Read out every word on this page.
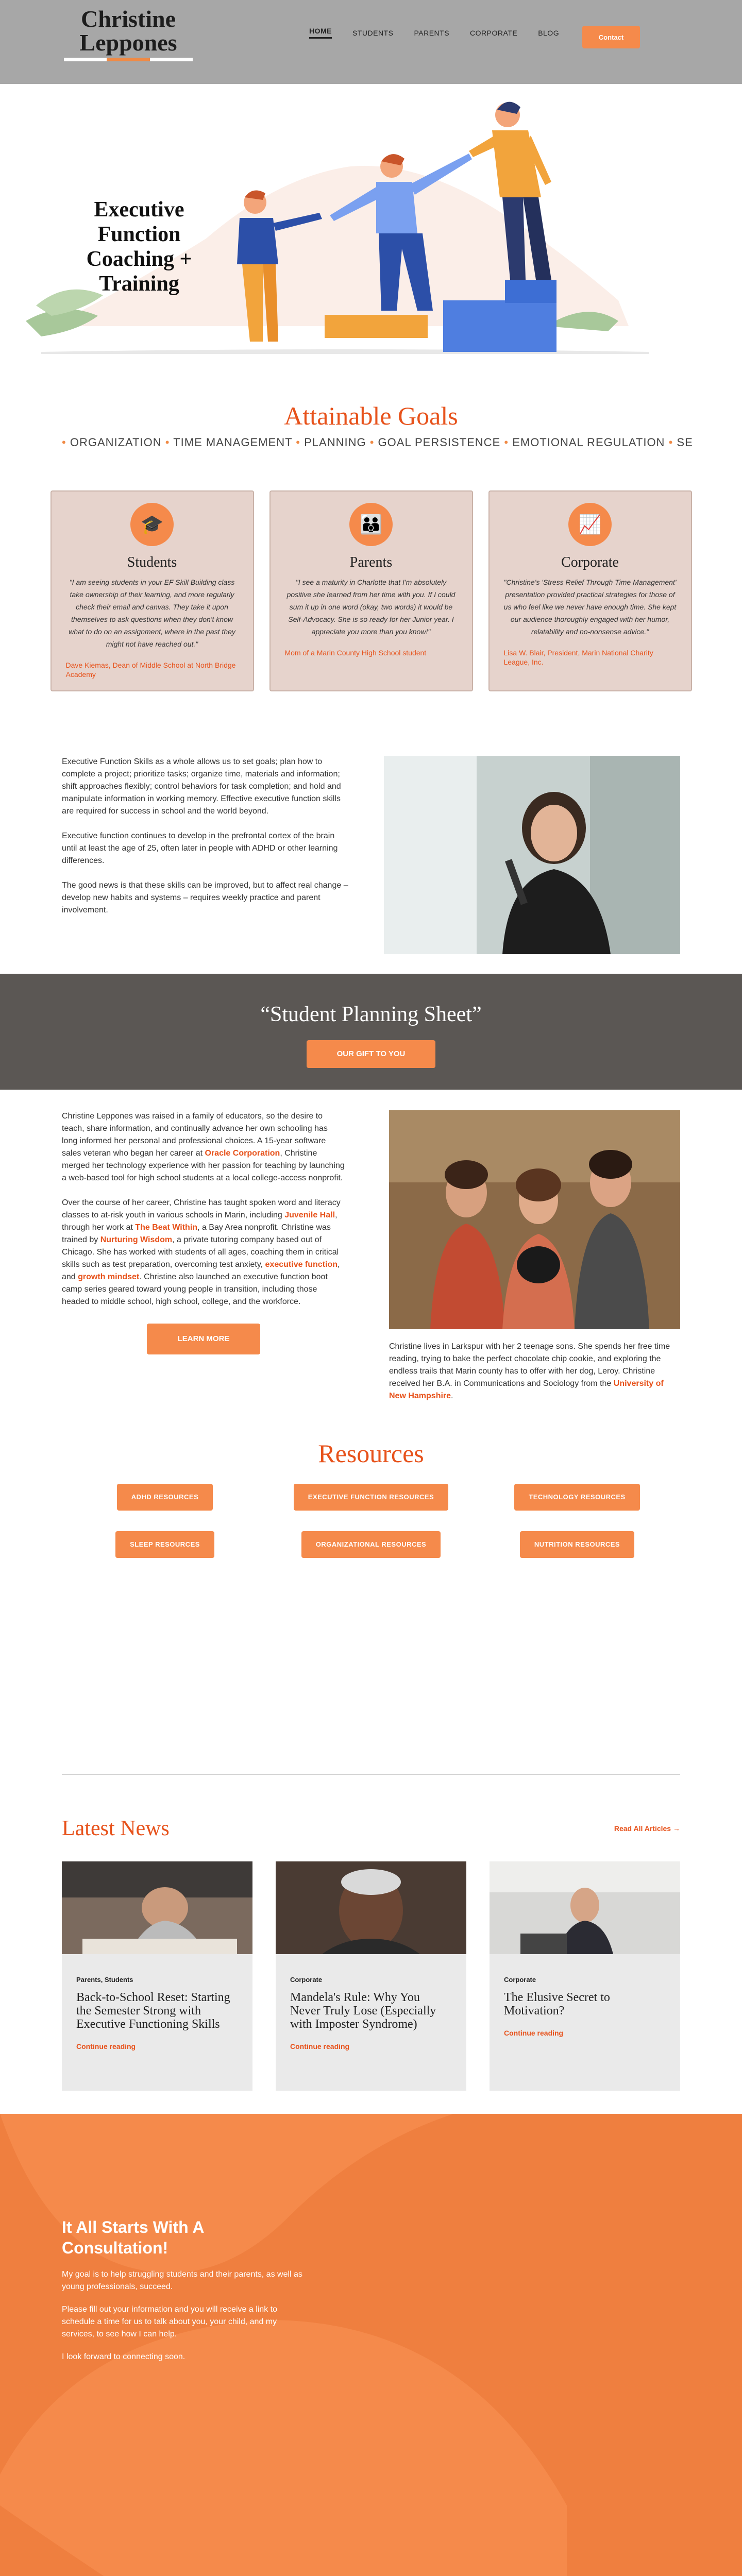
Christine
Leppones	HOME	STUDENTS	PARENTS	CORPORATE	BLOG
Contact
Executive Function Coaching + Training
Attainable Goals
• ORGANIZATION • TIME MANAGEMENT • PLANNING • GOAL PERSISTENCE • EMOTIONAL REGULATION • SE
🎓
Students

"I am seeing students in your EF Skill Building class take ownership of their learning, and more regularly check their email and canvas. They take it upon themselves to ask questions when they don't know what to do on an assignment, where in the past they might not have reached out."

Dave Kiemas, Dean of Middle School at North Bridge Academy

👪
Parents

"I see a maturity in Charlotte that I'm absolutely positive she learned from her time with you. If I could sum it up in one word (okay, two words) it would be Self-Advocacy. She is so ready for her Junior year. I appreciate you more than you know!"

Mom of a Marin County High School student

📈
Corporate

"Christine's 'Stress Relief Through Time Management' presentation provided practical strategies for those of us who feel like we never have enough time. She kept our audience thoroughly engaged with her humor, relatability and no-nonsense advice."

Lisa W. Blair, President, Marin National Charity League, Inc.

Executive Function Skills as a whole allows us to set goals; plan how to complete a project; prioritize tasks; organize time, materials and information; shift approaches flexibly; control behaviors for task completion; and hold and manipulate information in working memory. Effective executive function skills are required for success in school and the world beyond.

Executive function continues to develop in the prefrontal cortex of the brain until at least the age of 25, often later in people with ADHD or other learning differences.

The good news is that these skills can be improved, but to affect real change – develop new habits and systems – requires weekly practice and parent involvement.

“Student Planning Sheet”
OUR GIFT TO YOU

Christine Leppones was raised in a family of educators, so the desire to teach, share information, and continually advance her own schooling has long informed her personal and professional choices. A 15-year software sales veteran who began her career at Oracle Corporation, Christine merged her technology experience with her passion for teaching by launching a web-based tool for high school students at a local college-access nonprofit.

Over the course of her career, Christine has taught spoken word and literacy classes to at-risk youth in various schools in Marin, including Juvenile Hall, through her work at The Beat Within, a Bay Area nonprofit. Christine was trained by Nurturing Wisdom, a private tutoring company based out of Chicago. She has worked with students of all ages, coaching them in critical skills such as test preparation, overcoming test anxiety, executive function, and growth mindset. Christine also launched an executive function boot camp series geared toward young people in transition, including those headed to middle school, high school, college, and the workforce.

LEARN MORE

Christine lives in Larkspur with her 2 teenage sons. She spends her free time reading, trying to bake the perfect chocolate chip cookie, and exploring the endless trails that Marin county has to offer with her dog, Leroy. Christine received her B.A. in Communications and Sociology from the University of New Hampshire.

Resources
ADHD RESOURCES	EXECUTIVE FUNCTION RESOURCES	TECHNOLOGY RESOURCES
SLEEP RESOURCES	ORGANIZATIONAL RESOURCES	NUTRITION RESOURCES
Latest News	Read All Articles →
Parents, Students
Back-to-School Reset: Starting the Semester Strong with Executive Functioning Skills
Continue reading
Corporate
Mandela's Rule: Why You Never Truly Lose (Especially with Imposter Syndrome)
Continue reading
Corporate
The Elusive Secret to Motivation?
Continue reading
It All Starts With A Consultation!

My goal is to help struggling students and their parents, as well as young professionals, succeed.

Please fill out your information and you will receive a link to schedule a time for us to talk about you, your child, and my services, to see how I can help.

I look forward to connecting soon.
